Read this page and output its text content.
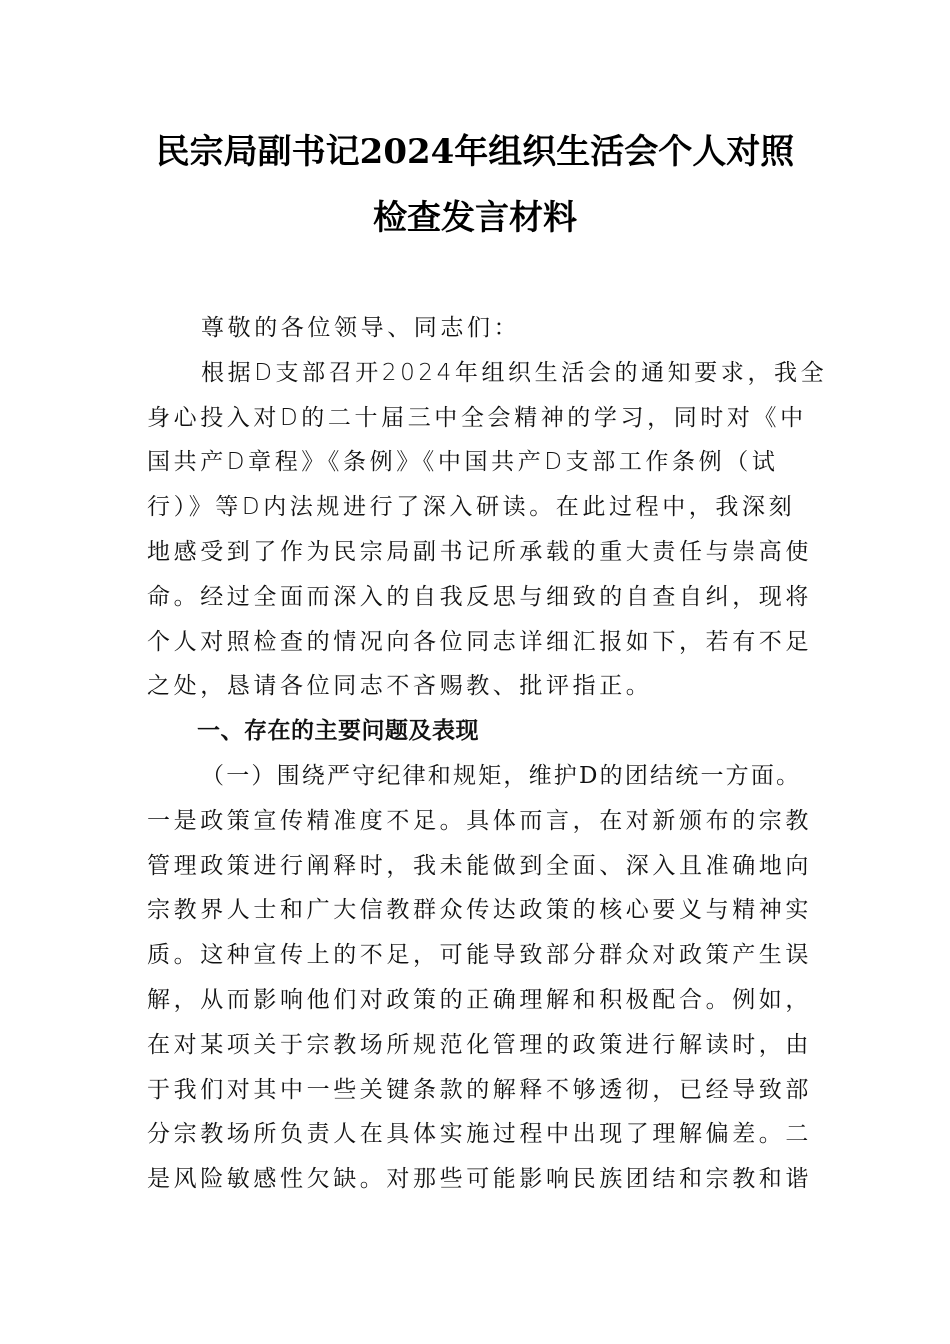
民宗局副书记2024年组织生活会个人对照
检查发言材料
尊敬的各位领导、同志们：
根据D支部召开2024年组织生活会的通知要求，我全
身心投入对D的二十届三中全会精神的学习，同时对《中
国共产D章程》《条例》《中国共产D支部工作条例（试
行）》等D内法规进行了深入研读。在此过程中，我深刻
地感受到了作为民宗局副书记所承载的重大责任与崇高使
命。经过全面而深入的自我反思与细致的自查自纠，现将
个人对照检查的情况向各位同志详细汇报如下，若有不足
之处，恳请各位同志不吝赐教、批评指正。
一、存在的主要问题及表现
（一）围绕严守纪律和规矩，维护D的团结统一方面。
一是政策宣传精准度不足。具体而言，在对新颁布的宗教
管理政策进行阐释时，我未能做到全面、深入且准确地向
宗教界人士和广大信教群众传达政策的核心要义与精神实
质。这种宣传上的不足，可能导致部分群众对政策产生误
解，从而影响他们对政策的正确理解和积极配合。例如，
在对某项关于宗教场所规范化管理的政策进行解读时，由
于我们对其中一些关键条款的解释不够透彻，已经导致部
分宗教场所负责人在具体实施过程中出现了理解偏差。二
是风险敏感性欠缺。对那些可能影响民族团结和宗教和谐
